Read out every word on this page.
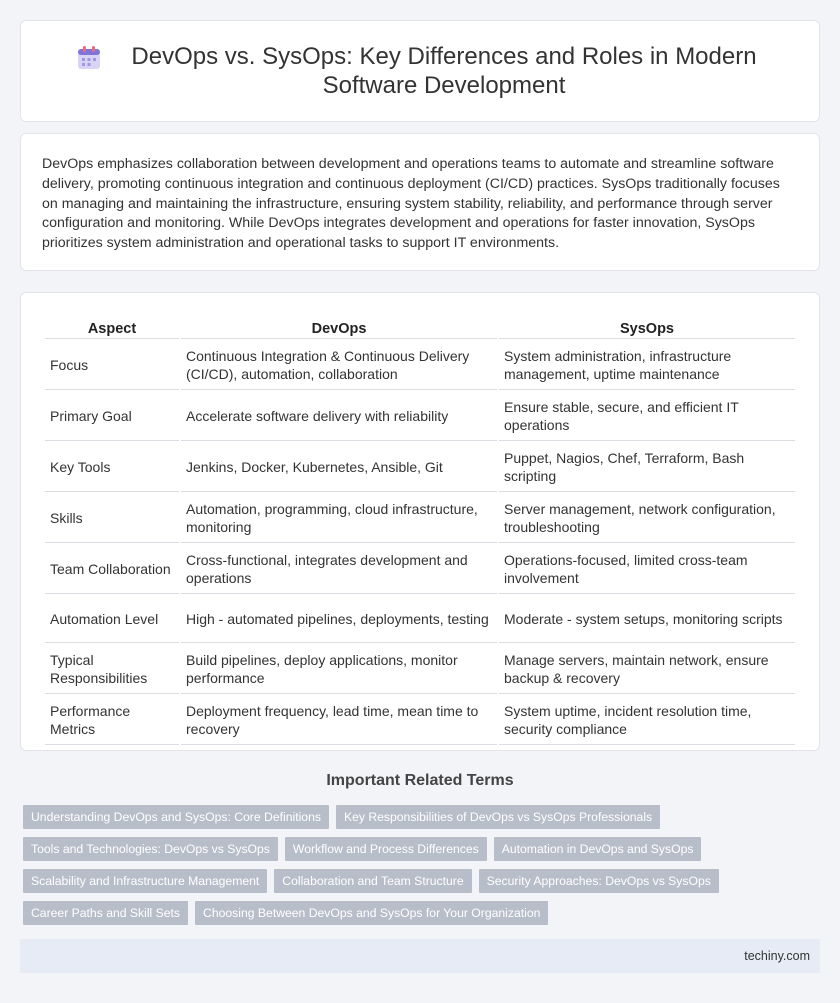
DevOps vs. SysOps: Key Differences and Roles in Modern Software Development

DevOps emphasizes collaboration between development and operations teams to automate and streamline software delivery, promoting continuous integration and continuous deployment (CI/CD) practices. SysOps traditionally focuses on managing and maintaining the infrastructure, ensuring system stability, reliability, and performance through server configuration and monitoring. While DevOps integrates development and operations for faster innovation, SysOps prioritizes system administration and operational tasks to support IT environments.

Aspect	DevOps	SysOps
Focus	Continuous Integration & Continuous Delivery (CI/CD), automation, collaboration	System administration, infrastructure management, uptime maintenance
Primary Goal	Accelerate software delivery with reliability	Ensure stable, secure, and efficient IT operations
Key Tools	Jenkins, Docker, Kubernetes, Ansible, Git	Puppet, Nagios, Chef, Terraform, Bash scripting
Skills	Automation, programming, cloud infrastructure, monitoring	Server management, network configuration, troubleshooting
Team Collaboration	Cross-functional, integrates development and operations	Operations-focused, limited cross-team involvement
Automation Level	High - automated pipelines, deployments, testing	Moderate - system setups, monitoring scripts
Typical Responsibilities	Build pipelines, deploy applications, monitor performance	Manage servers, maintain network, ensure backup & recovery
Performance Metrics	Deployment frequency, lead time, mean time to recovery	System uptime, incident resolution time, security compliance
Important Related Terms
Understanding DevOps and SysOps: Core Definitions	Key Responsibilities of DevOps vs SysOps Professionals
Tools and Technologies: DevOps vs SysOps	Workflow and Process Differences	Automation in DevOps and SysOps
Scalability and Infrastructure Management	Collaboration and Team Structure	Security Approaches: DevOps vs SysOps
Career Paths and Skill Sets	Choosing Between DevOps and SysOps for Your Organization
techiny.com
